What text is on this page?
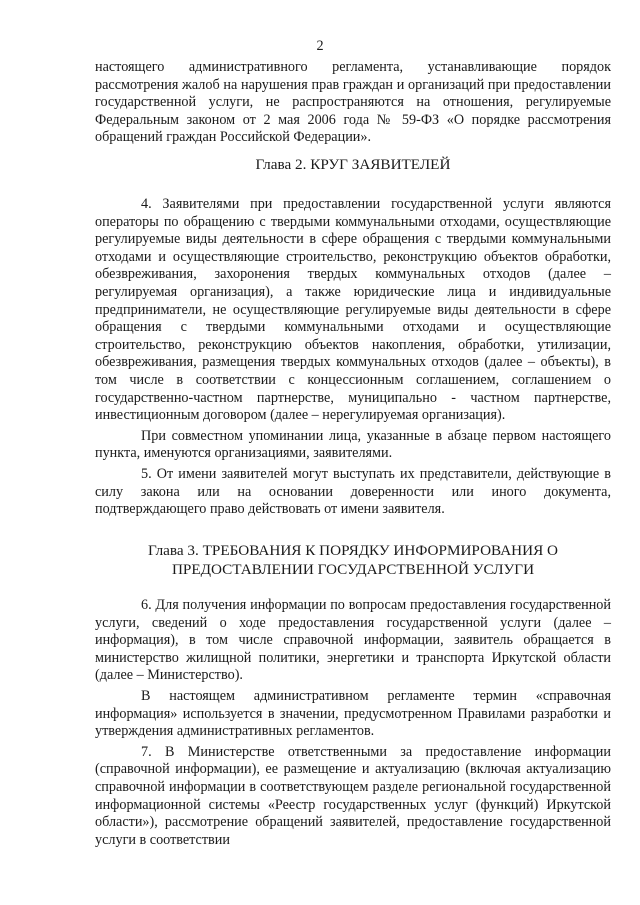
2

настоящего административного регламента, устанавливающие порядок рассмотрения жалоб на нарушения прав граждан и организаций при предоставлении государственной услуги, не распространяются на отношения, регулируемые Федеральным законом от 2 мая 2006 года № 59-ФЗ «О порядке рассмотрения обращений граждан Российской Федерации».

Глава 2. КРУГ ЗАЯВИТЕЛЕЙ

4. Заявителями при предоставлении государственной услуги являются операторы по обращению с твердыми коммунальными отходами, осуществляющие регулируемые виды деятельности в сфере обращения с твердыми коммунальными отходами и осуществляющие строительство, реконструкцию объектов обработки, обезвреживания, захоронения твердых коммунальных отходов (далее – регулируемая организация), а также юридические лица и индивидуальные предприниматели, не осуществляющие регулируемые виды деятельности в сфере обращения с твердыми коммунальными отходами и осуществляющие строительство, реконструкцию объектов накопления, обработки, утилизации, обезвреживания, размещения твердых коммунальных отходов (далее – объекты), в том числе в соответствии с концессионным соглашением, соглашением о государственно-частном партнерстве, муниципально - частном партнерстве, инвестиционным договором (далее – нерегулируемая организация).

При совместном упоминании лица, указанные в абзаце первом настоящего пункта, именуются организациями, заявителями.

5. От имени заявителей могут выступать их представители, действующие в силу закона или на основании доверенности или иного документа, подтверждающего право действовать от имени заявителя.

Глава 3. ТРЕБОВАНИЯ К ПОРЯДКУ ИНФОРМИРОВАНИЯ О
ПРЕДОСТАВЛЕНИИ ГОСУДАРСТВЕННОЙ УСЛУГИ

6. Для получения информации по вопросам предоставления государственной услуги, сведений о ходе предоставления государственной услуги (далее – информация), в том числе справочной информации, заявитель обращается в министерство жилищной политики, энергетики и транспорта Иркутской области (далее – Министерство).

В настоящем административном регламенте термин «справочная информация» используется в значении, предусмотренном Правилами разработки и утверждения административных регламентов.

7. В Министерстве ответственными за предоставление информации (справочной информации), ее размещение и актуализацию (включая актуализацию справочной информации в соответствующем разделе региональной государственной информационной системы «Реестр государственных услуг (функций) Иркутской области»), рассмотрение обращений заявителей, предоставление государственной услуги в соответствии
